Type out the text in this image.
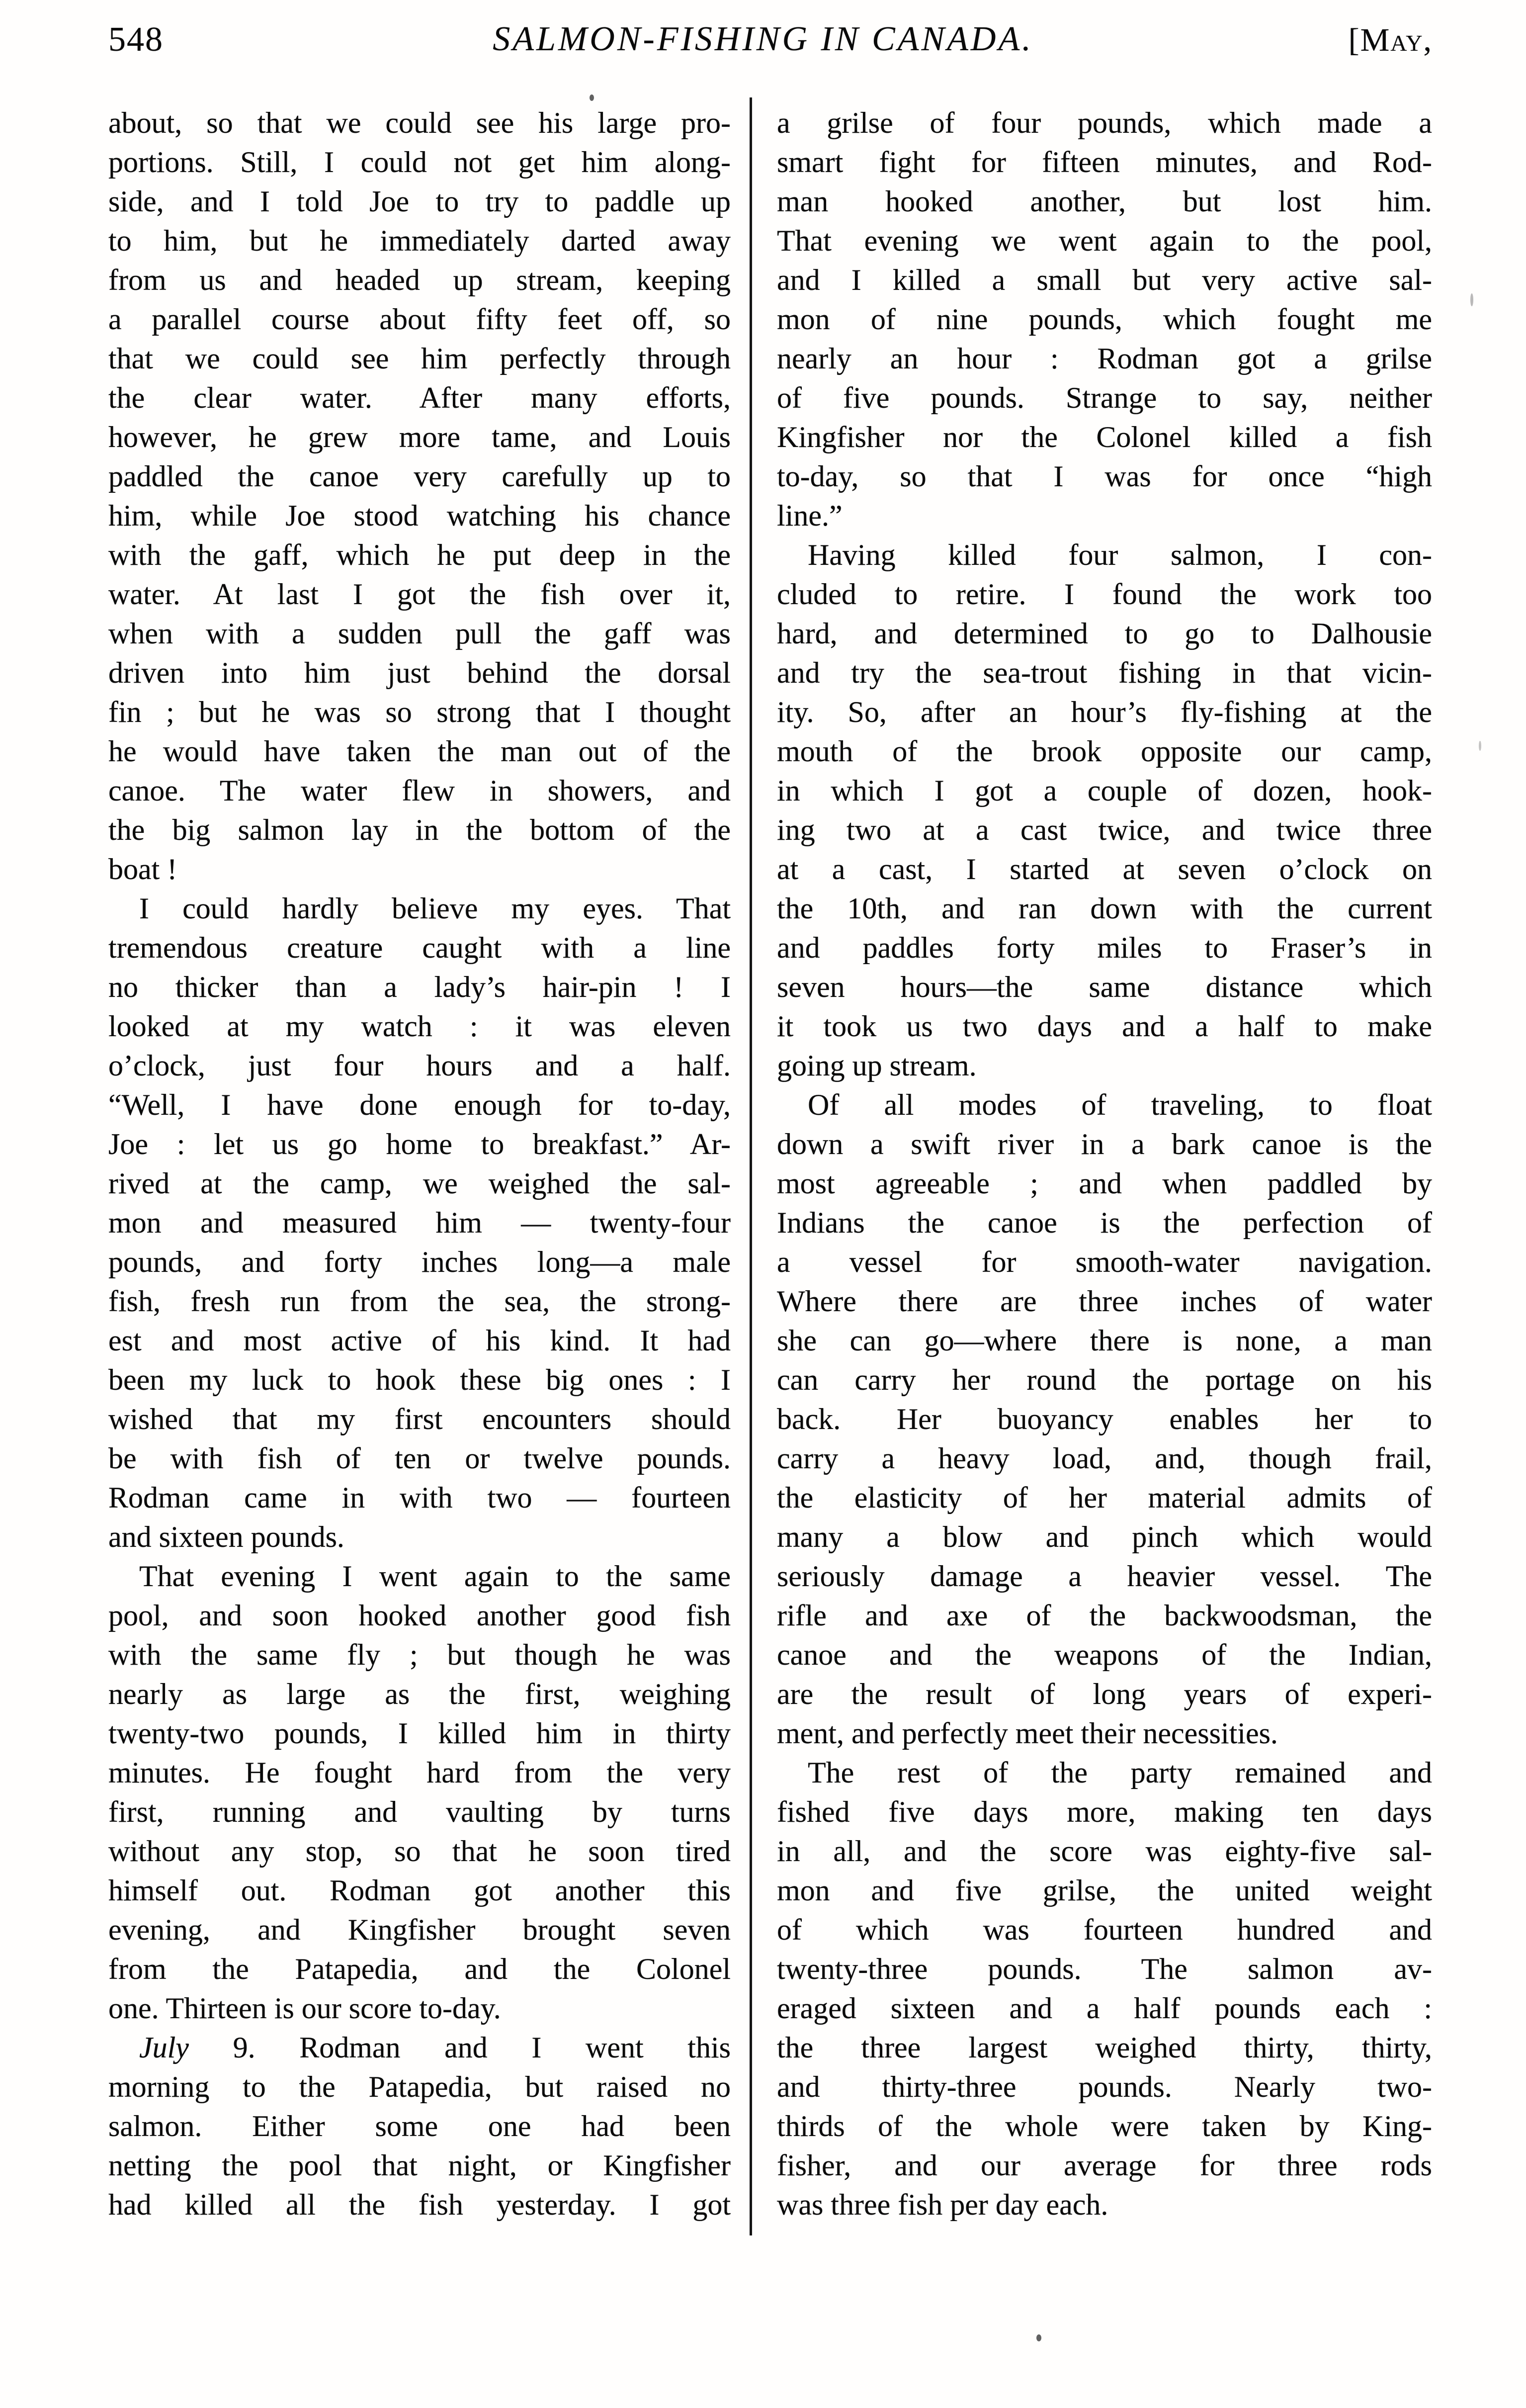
548	SALMON-FISHING IN CANADA.	[May,
about, so that we could see his large pro-
portions. Still, I could not get him along-
side, and I told Joe to try to paddle up
to him, but he immediately darted away
from us and headed up stream, keeping
a parallel course about fifty feet off, so
that we could see him perfectly through
the clear water. After many efforts,
however, he grew more tame, and Louis
paddled the canoe very carefully up to
him, while Joe stood watching his chance
with the gaff, which he put deep in the
water. At last I got the fish over it,
when with a sudden pull the gaff was
driven into him just behind the dorsal
fin ; but he was so strong that I thought
he would have taken the man out of the
canoe. The water flew in showers, and
the big salmon lay in the bottom of the
boat !
I could hardly believe my eyes. That
tremendous creature caught with a line
no thicker than a lady’s hair-pin ! I
looked at my watch : it was eleven
o’clock, just four hours and a half.
“Well, I have done enough for to-day,
Joe : let us go home to breakfast.” Ar-
rived at the camp, we weighed the sal-
mon and measured him — twenty-four
pounds, and forty inches long—a male
fish, fresh run from the sea, the strong-
est and most active of his kind. It had
been my luck to hook these big ones : I
wished that my first encounters should
be with fish of ten or twelve pounds.
Rodman came in with two — fourteen
and sixteen pounds.
That evening I went again to the same
pool, and soon hooked another good fish
with the same fly ; but though he was
nearly as large as the first, weighing
twenty-two pounds, I killed him in thirty
minutes. He fought hard from the very
first, running and vaulting by turns
without any stop, so that he soon tired
himself out. Rodman got another this
evening, and Kingfisher brought seven
from the Patapedia, and the Colonel
one. Thirteen is our score to-day.
July 9. Rodman and I went this
morning to the Patapedia, but raised no
salmon. Either some one had been
netting the pool that night, or Kingfisher
had killed all the fish yesterday. I got
a grilse of four pounds, which made a
smart fight for fifteen minutes, and Rod-
man hooked another, but lost him.
That evening we went again to the pool,
and I killed a small but very active sal-
mon of nine pounds, which fought me
nearly an hour : Rodman got a grilse
of five pounds. Strange to say, neither
Kingfisher nor the Colonel killed a fish
to-day, so that I was for once “high
line.”
Having killed four salmon, I con-
cluded to retire. I found the work too
hard, and determined to go to Dalhousie
and try the sea-trout fishing in that vicin-
ity. So, after an hour’s fly-fishing at the
mouth of the brook opposite our camp,
in which I got a couple of dozen, hook-
ing two at a cast twice, and twice three
at a cast, I started at seven o’clock on
the 10th, and ran down with the current
and paddles forty miles to Fraser’s in
seven hours—the same distance which
it took us two days and a half to make
going up stream.
Of all modes of traveling, to float
down a swift river in a bark canoe is the
most agreeable ; and when paddled by
Indians the canoe is the perfection of
a vessel for smooth-water navigation.
Where there are three inches of water
she can go—where there is none, a man
can carry her round the portage on his
back. Her buoyancy enables her to
carry a heavy load, and, though frail,
the elasticity of her material admits of
many a blow and pinch which would
seriously damage a heavier vessel. The
rifle and axe of the backwoodsman, the
canoe and the weapons of the Indian,
are the result of long years of experi-
ment, and perfectly meet their necessities.
The rest of the party remained and
fished five days more, making ten days
in all, and the score was eighty-five sal-
mon and five grilse, the united weight
of which was fourteen hundred and
twenty-three pounds. The salmon av-
eraged sixteen and a half pounds each :
the three largest weighed thirty, thirty,
and thirty-three pounds. Nearly two-
thirds of the whole were taken by King-
fisher, and our average for three rods
was three fish per day each.
